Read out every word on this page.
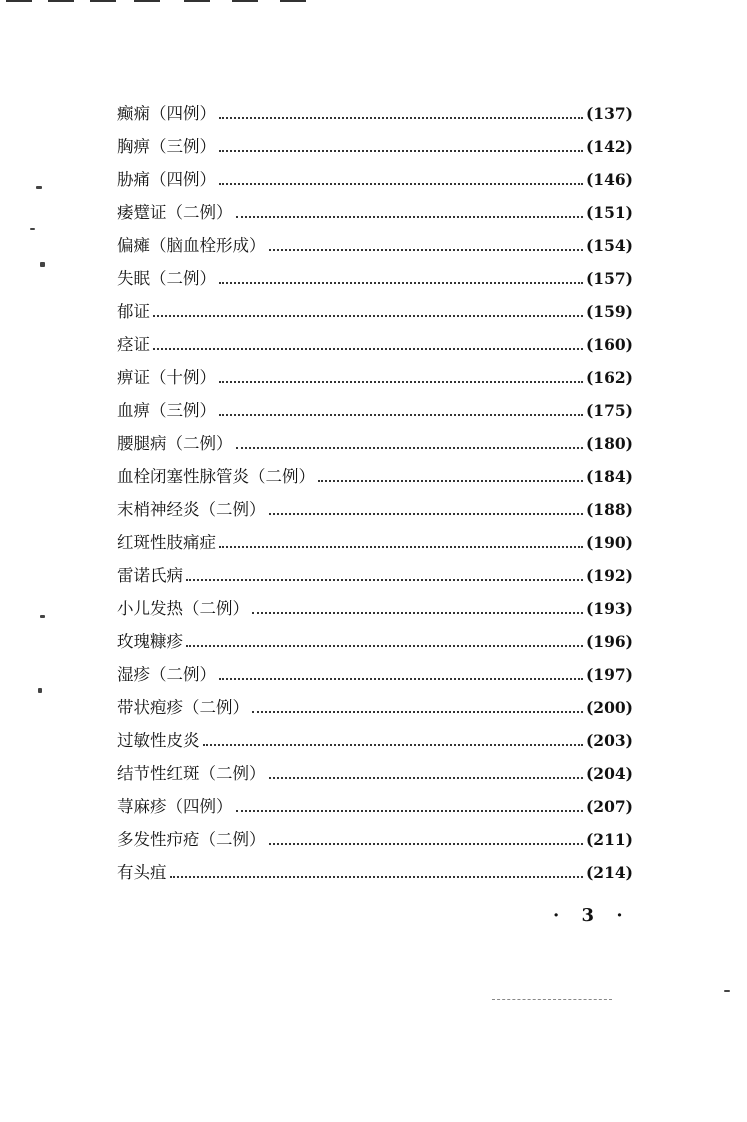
癫痫（四例）	(137)
胸痹（三例）	(142)
胁痛（四例）	(146)
痿躄证（二例）	(151)
偏瘫（脑血栓形成）	(154)
失眠（二例）	(157)
郁证	(159)
痉证	(160)
痹证（十例）	(162)
血痹（三例）	(175)
腰腿病（二例）	(180)
血栓闭塞性脉管炎（二例）	(184)
末梢神经炎（二例）	(188)
红斑性肢痛症	(190)
雷诺氏病	(192)
小儿发热（二例）	(193)
玫瑰糠疹	(196)
湿疹（二例）	(197)
带状疱疹（二例）	(200)
过敏性皮炎	(203)
结节性红斑（二例）	(204)
荨麻疹（四例）	(207)
多发性疖疮（二例）	(211)
有头疽	(214)
· 3 ·
